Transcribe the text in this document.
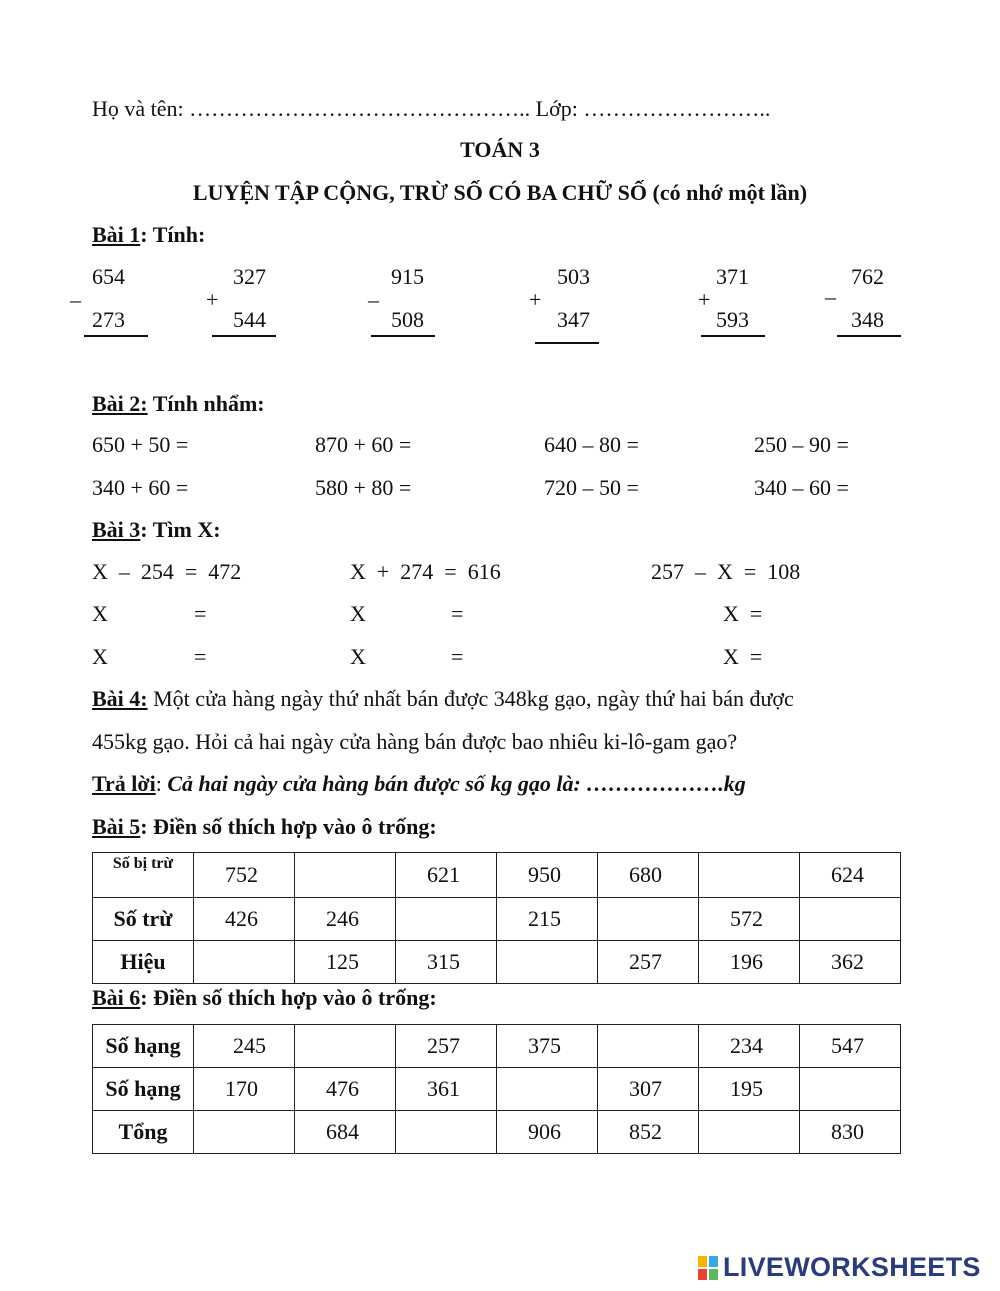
Họ và tên: ……………………………………….. Lớp: ……………………..
TOÁN 3
LUYỆN TẬP CỘNG, TRỪ SỐ CÓ BA CHỮ SỐ (có nhớ một lần)
Bài 1: Tính:
654
–
273
327
+
544
915
–
508
503
+
347
371
+
593
762
–
348
Bài 2: Tính nhẩm:
650 + 50 =	870 + 60 =	640 – 80 =	250 – 90 =
340 + 60 =	580 + 80 =	720 – 50 =	340 – 60 =
Bài 3: Tìm X:
X  –  254  =  472	X  +  274  =  616	257  –  X  =  108
X	=	X	=	X  =
X	=	X	=	X  =
Bài 4: Một cửa hàng ngày thứ nhất bán được 348kg gạo, ngày thứ hai bán được
455kg gạo. Hỏi cả hai ngày cửa hàng bán được bao nhiêu ki-lô-gam gạo?
Trả lời: Cả hai ngày cửa hàng bán được số kg gạo là: ……………….kg
Bài 5: Điền số thích hợp vào ô trống:
Số bị trừ	752		621	950	680		624
Số trừ	426	246		215		572	
Hiệu		125	315		257	196	362
Bài 6: Điền số thích hợp vào ô trống:
Số hạng	245		257	375		234	547
Số hạng	170	476	361		307	195	
Tổng		684		906	852		830
LIVEWORKSHEETS
